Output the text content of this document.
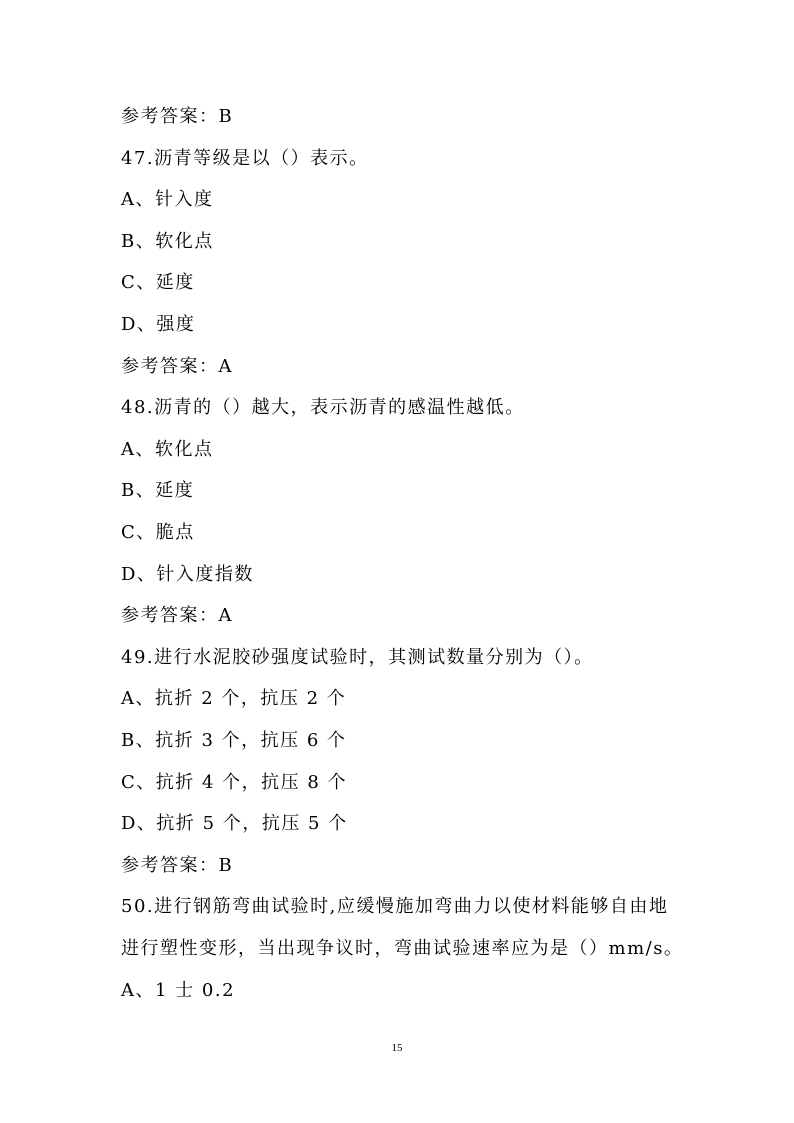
参考答案：B
47.沥青等级是以（）表示。
A、针入度
B、软化点
C、延度
D、强度
参考答案：A
48.沥青的（）越大，表示沥青的感温性越低。
A、软化点
B、延度
C、脆点
D、针入度指数
参考答案：A
49.进行水泥胶砂强度试验时，其测试数量分别为（）。
A、抗折 2 个，抗压 2 个
B、抗折 3 个，抗压 6 个
C、抗折 4 个，抗压 8 个
D、抗折 5 个，抗压 5 个
参考答案：B
50.进行钢筋弯曲试验时,应缓慢施加弯曲力以使材料能够自由地
进行塑性变形，当出现争议时，弯曲试验速率应为是（）mm/s。
A、1 士 0.2
15
